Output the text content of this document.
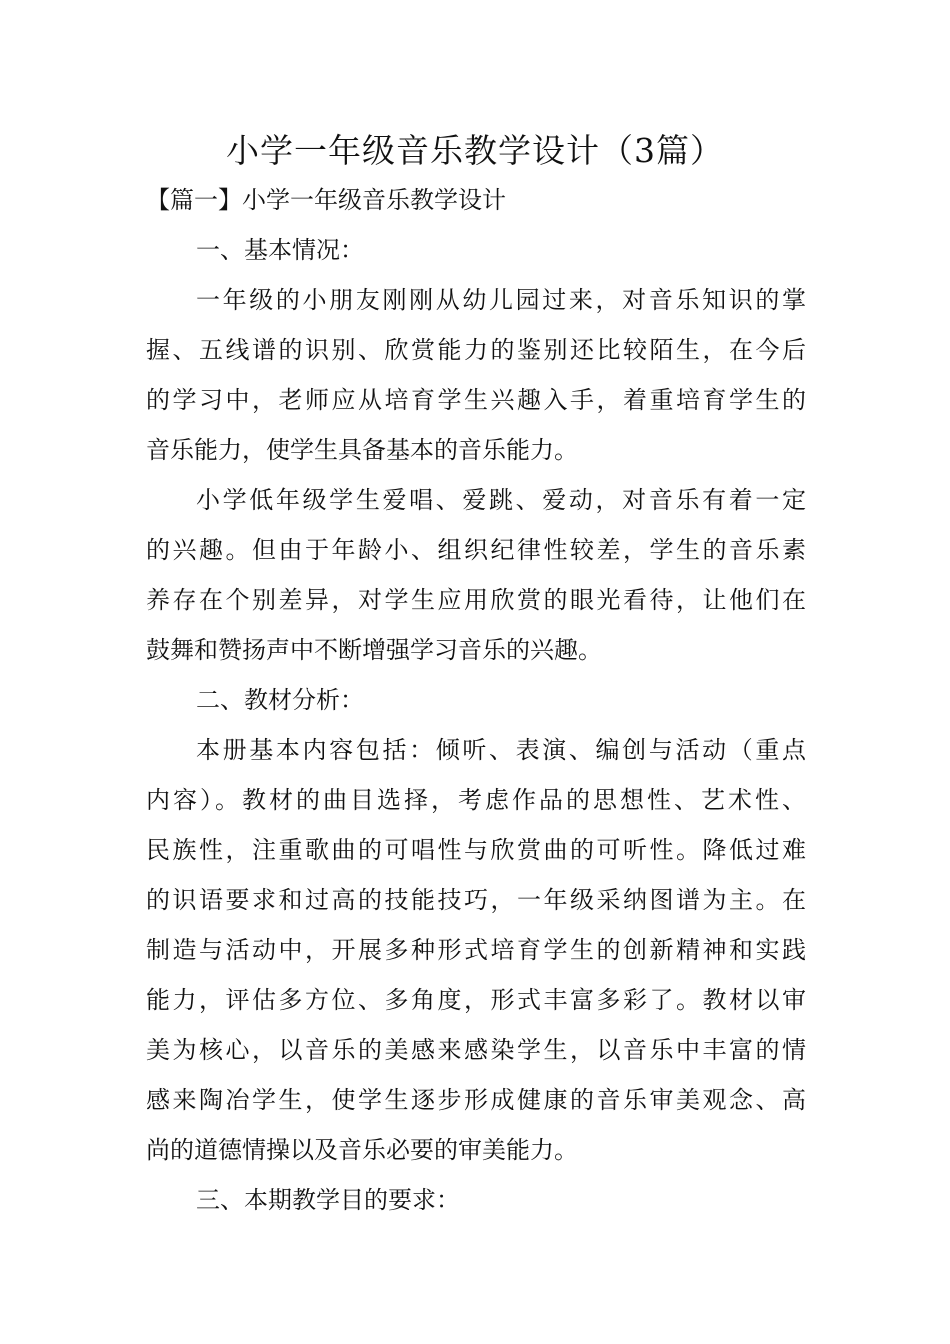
小学一年级音乐教学设计（3篇）
【篇一】小学一年级音乐教学设计
一、基本情况：
一年级的小朋友刚刚从幼儿园过来，对音乐知识的掌
握、五线谱的识别、欣赏能力的鉴别还比较陌生，在今后
的学习中，老师应从培育学生兴趣入手，着重培育学生的
音乐能力，使学生具备基本的音乐能力。
小学低年级学生爱唱、爱跳、爱动，对音乐有着一定
的兴趣。但由于年龄小、组织纪律性较差，学生的音乐素
养存在个别差异，对学生应用欣赏的眼光看待，让他们在
鼓舞和赞扬声中不断增强学习音乐的兴趣。
二、教材分析：
本册基本内容包括：倾听、表演、编创与活动（重点
内容）。教材的曲目选择，考虑作品的思想性、艺术性、
民族性，注重歌曲的可唱性与欣赏曲的可听性。降低过难
的识语要求和过高的技能技巧，一年级采纳图谱为主。在
制造与活动中，开展多种形式培育学生的创新精神和实践
能力，评估多方位、多角度，形式丰富多彩了。教材以审
美为核心，以音乐的美感来感染学生，以音乐中丰富的情
感来陶冶学生，使学生逐步形成健康的音乐审美观念、高
尚的道德情操以及音乐必要的审美能力。
三、本期教学目的要求：
